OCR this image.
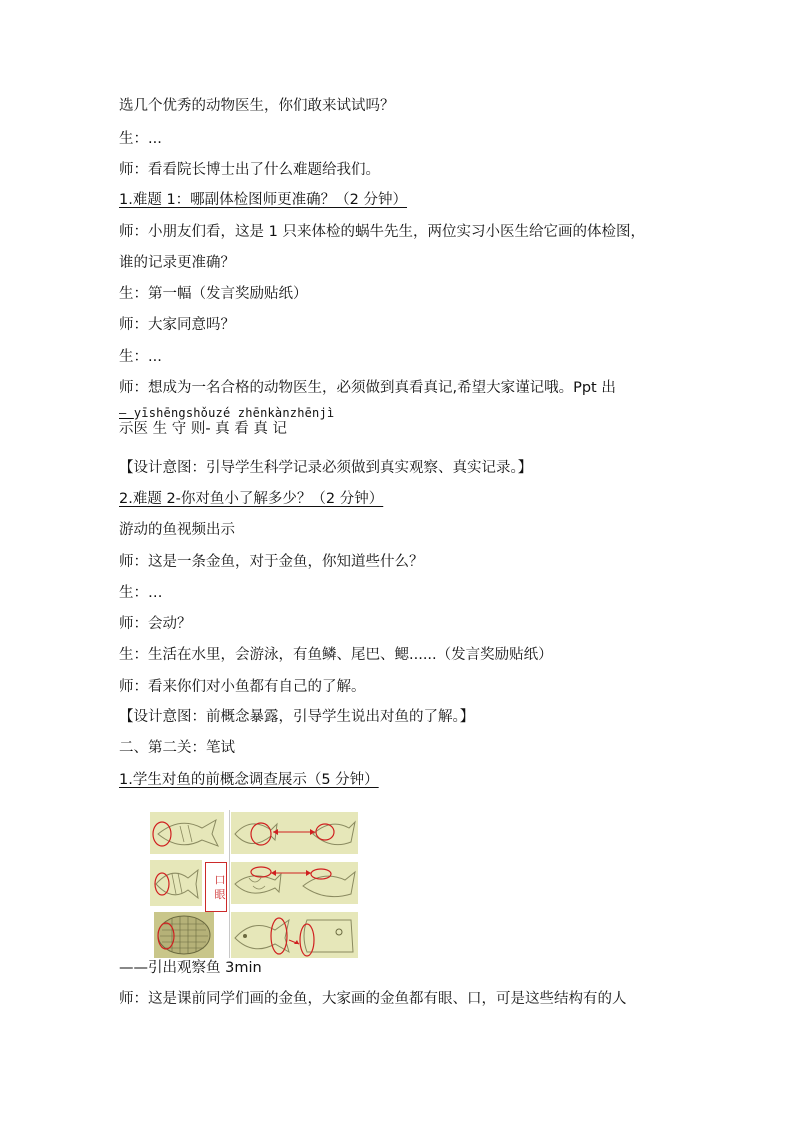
选几个优秀的动物医生，你们敢来试试吗？
生：...
师：看看院长博士出了什么难题给我们。
1.难题 1：哪副体检图师更准确？（2 分钟）
师：小朋友们看，这是 1 只来体检的蜗牛先生，两位实习小医生给它画的体检图，
谁的记录更准确？
生：第一幅（发言奖励贴纸）
师：大家同意吗？
生：...
师：想成为一名合格的动物医生，必须做到真看真记,希望大家谨记哦。Ppt 出
— yīshēngshǒuzé zhēnkànzhēnjì
示医 生 守 则- 真 看 真 记
【设计意图：引导学生科学记录必须做到真实观察、真实记录。】
2.难题 2-你对鱼小了解多少？（2 分钟）
游动的鱼视频出示
师：这是一条金鱼，对于金鱼，你知道些什么？
生：…
师：会动？
生：生活在水里，会游泳，有鱼鳞、尾巴、鳃......（发言奖励贴纸）
师：看来你们对小鱼都有自己的了解。
【设计意图：前概念暴露，引导学生说出对鱼的了解。】
二、第二关：笔试
1.学生对鱼的前概念调查展示（5 分钟）
口 眼
——引出观察鱼 3min
师：这是课前同学们画的金鱼，大家画的金鱼都有眼、口，可是这些结构有的人
